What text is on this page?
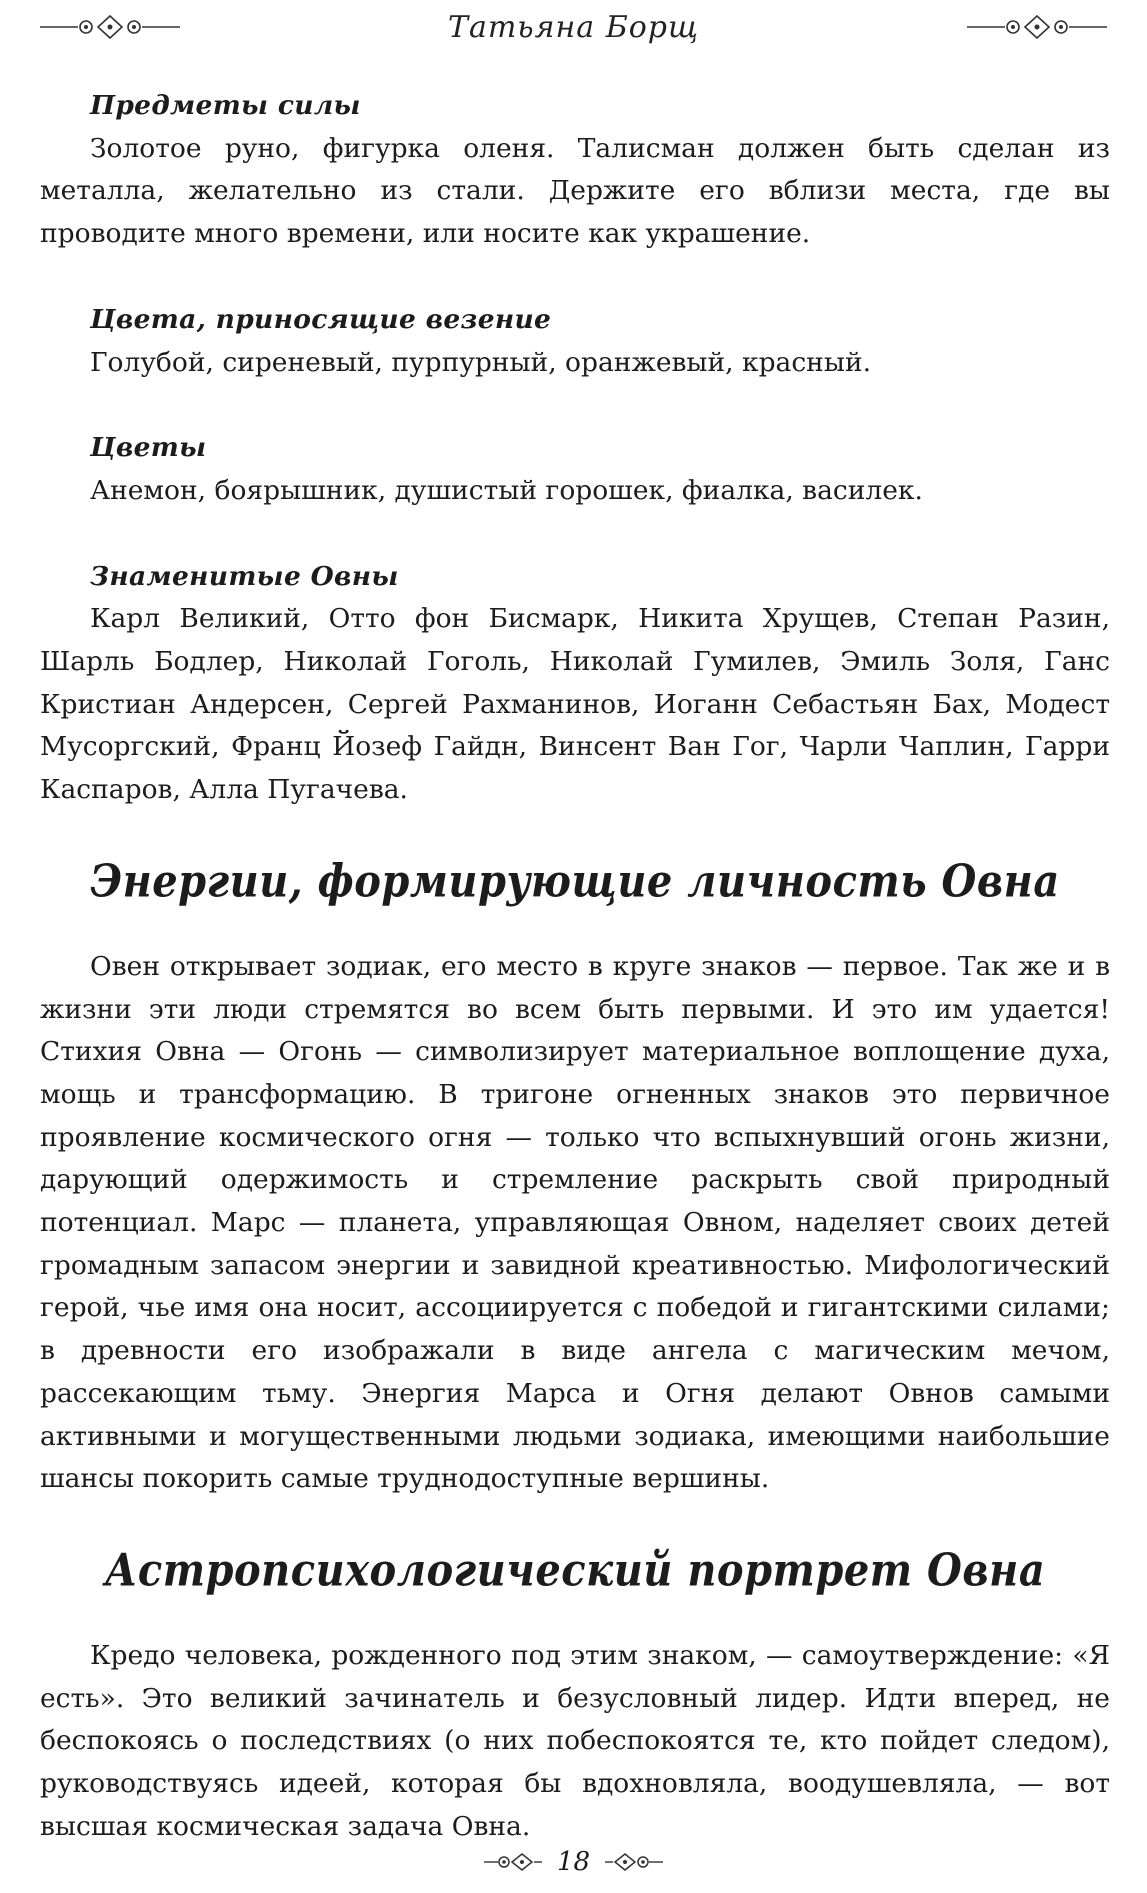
Татьяна Борщ
Предметы силы

Золотое руно, фигурка оленя. Талисман должен быть сделан из металла, желательно из стали. Держите его вблизи места, где вы проводите много времени, или носите как украшение.

Цвета, приносящие везение

Голубой, сиреневый, пурпурный, оранжевый, красный.

Цветы

Анемон, боярышник, душистый горошек, фиалка, василек.

Знаменитые Овны

Карл Великий, Отто фон Бисмарк, Никита Хрущев, Степан Разин, Шарль Бодлер, Николай Гоголь, Николай Гумилев, Эмиль Золя, Ганс Кристиан Андерсен, Сергей Рахманинов, Иоганн Себастьян Бах, Модест Мусоргский, Франц Йозеф Гайдн, Винсент Ван Гог, Чарли Чаплин, Гарри Каспаров, Алла Пугачева.

Энергии, формирующие личность Овна

Овен открывает зодиак, его место в круге знаков — первое. Так же и в жизни эти люди стремятся во всем быть первыми. И это им удается! Стихия Овна — Огонь — символизирует материальное воплощение духа, мощь и трансформацию. В тригоне огненных знаков это первичное проявление космического огня — только что вспыхнувший огонь жизни, дарующий одержимость и стремление раскрыть свой природный потенциал. Марс — планета, управляющая Овном, наделяет своих детей громадным запасом энергии и завидной креативностью. Мифологический герой, чье имя она носит, ассоциируется с победой и гигантскими силами; в древности его изображали в виде ангела с магическим мечом, рассекающим тьму. Энергия Марса и Огня делают Овнов самыми активными и могущественными людьми зодиака, имеющими наибольшие шансы покорить самые труднодоступные вершины.

Астропсихологический портрет Овна

Кредо человека, рожденного под этим знаком, — самоутверждение: «Я есть». Это великий зачинатель и безусловный лидер. Идти вперед, не беспокоясь о последствиях (о них побеспокоятся те, кто пойдет следом), руководствуясь идеей, которая бы вдохновляла, воодушевляла, — вот высшая космическая задача Овна.

18
